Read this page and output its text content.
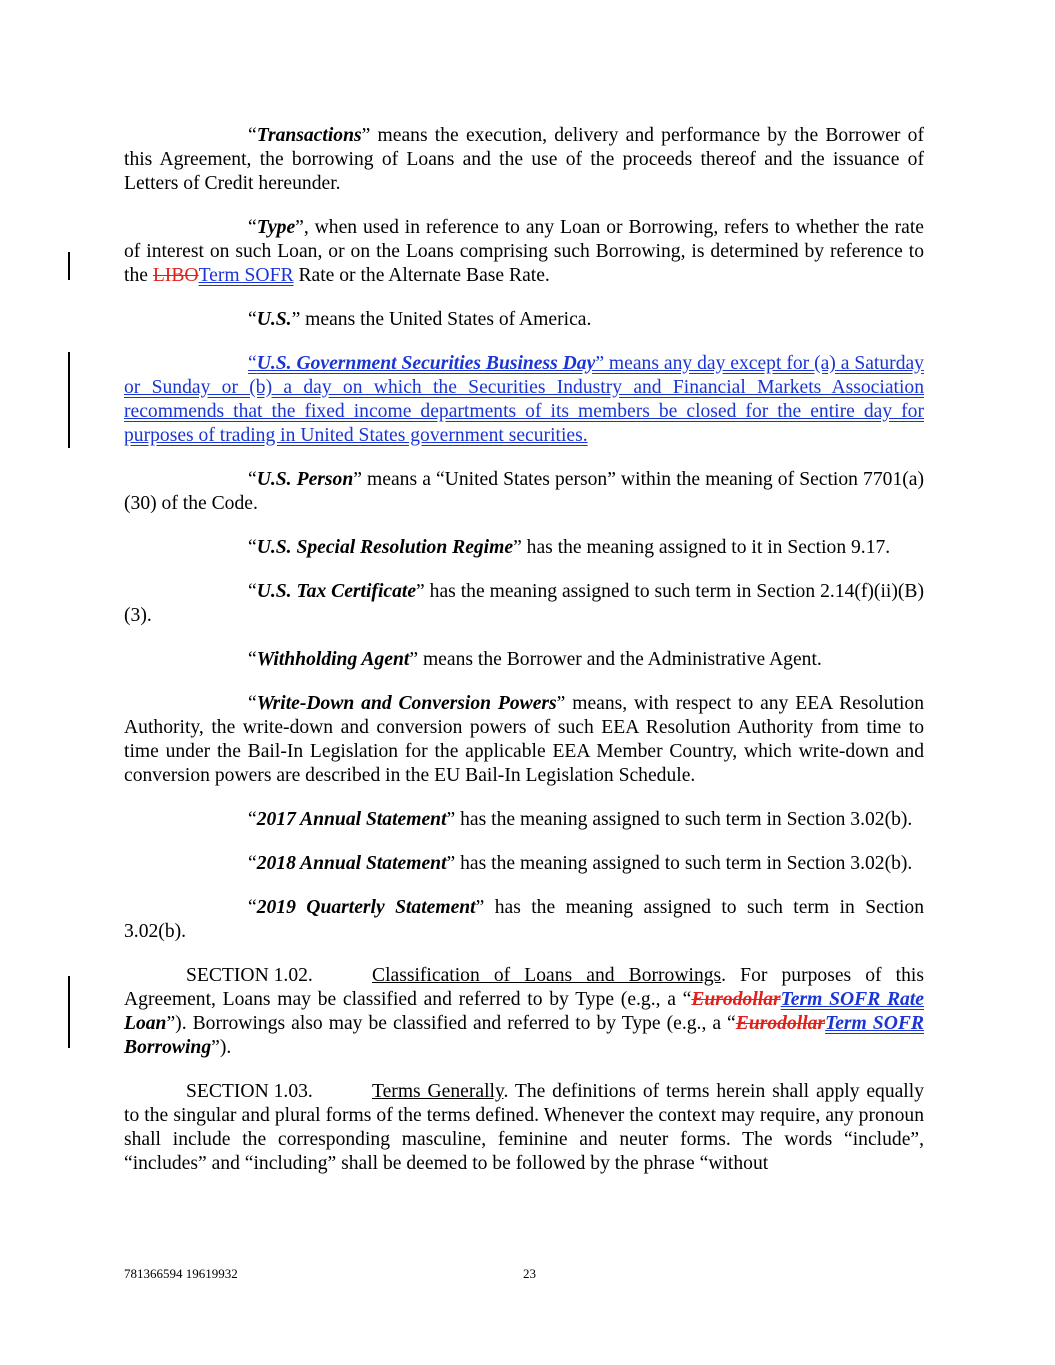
“Transactions” means the execution, delivery and performance by the Borrower of this Agreement, the borrowing of Loans and the use of the proceeds thereof and the issuance of Letters of Credit hereunder.

“Type”, when used in reference to any Loan or Borrowing, refers to whether the rate of interest on such Loan, or on the Loans comprising such Borrowing, is determined by reference to the LIBOTerm SOFR Rate or the Alternate Base Rate.

“U.S.” means the United States of America.

“U.S. Government Securities Business Day” means any day except for (a) a Saturday or Sunday or (b) a day on which the Securities Industry and Financial Markets Association recommends that the fixed income departments of its members be closed for the entire day for purposes of trading in United States government securities.

“U.S. Person” means a “United States person” within the meaning of Section 7701(a)(30) of the Code.

“U.S. Special Resolution Regime” has the meaning assigned to it in Section 9.17.

“U.S. Tax Certificate” has the meaning assigned to such term in Section 2.14(f)(ii)(B)(3).

“Withholding Agent” means the Borrower and the Administrative Agent.

“Write-Down and Conversion Powers” means, with respect to any EEA Resolution Authority, the write-down and conversion powers of such EEA Resolution Authority from time to time under the Bail-In Legislation for the applicable EEA Member Country, which write-down and conversion powers are described in the EU Bail-In Legislation Schedule.

“2017 Annual Statement” has the meaning assigned to such term in Section 3.02(b).

“2018 Annual Statement” has the meaning assigned to such term in Section 3.02(b).

“2019 Quarterly Statement” has the meaning assigned to such term in Section 3.02(b).

SECTION 1.02.	Classification of Loans and Borrowings. For purposes of this Agreement, Loans may be classified and referred to by Type (e.g., a “EurodollarTerm SOFR Rate Loan”). Borrowings also may be classified and referred to by Type (e.g., a “EurodollarTerm SOFR Borrowing”).

SECTION 1.03.	Terms Generally. The definitions of terms herein shall apply equally to the singular and plural forms of the terms defined. Whenever the context may require, any pronoun shall include the corresponding masculine, feminine and neuter forms. The words “include”, “includes” and “including” shall be deemed to be followed by the phrase “without

781366594 19619932	23
